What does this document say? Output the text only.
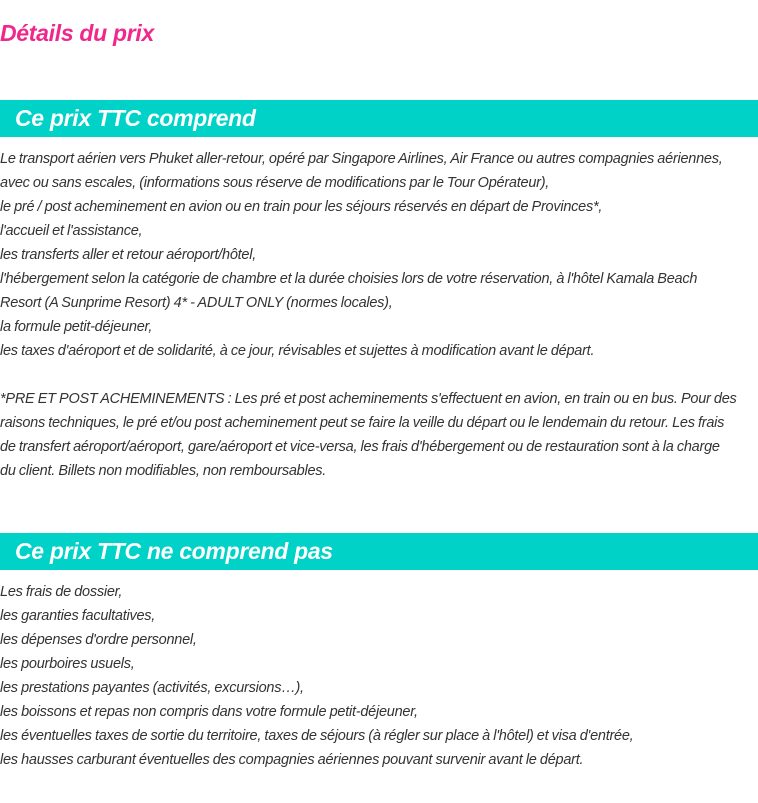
Détails du prix
Ce prix TTC comprend
Le transport aérien vers Phuket aller-retour, opéré par Singapore Airlines, Air France ou autres compagnies aériennes,
avec ou sans escales, (informations sous réserve de modifications par le Tour Opérateur),
le pré / post acheminement en avion ou en train pour les séjours réservés en départ de Provinces*,
l'accueil et l'assistance,
les transferts aller et retour aéroport/hôtel,
l'hébergement selon la catégorie de chambre et la durée choisies lors de votre réservation, à l'hôtel Kamala Beach
Resort (A Sunprime Resort) 4* - ADULT ONLY (normes locales),
la formule petit-déjeuner,
les taxes d'aéroport et de solidarité, à ce jour, révisables et sujettes à modification avant le départ.
*PRE ET POST ACHEMINEMENTS : Les pré et post acheminements s'effectuent en avion, en train ou en bus. Pour des
raisons techniques, le pré et/ou post acheminement peut se faire la veille du départ ou le lendemain du retour. Les frais
de transfert aéroport/aéroport, gare/aéroport et vice-versa, les frais d'hébergement ou de restauration sont à la charge
du client. Billets non modifiables, non remboursables.
Ce prix TTC ne comprend pas
Les frais de dossier,
les garanties facultatives,
les dépenses d'ordre personnel,
les pourboires usuels,
les prestations payantes (activités, excursions…),
les boissons et repas non compris dans votre formule petit-déjeuner,
les éventuelles taxes de sortie du territoire, taxes de séjours (à régler sur place à l'hôtel) et visa d'entrée,
les hausses carburant éventuelles des compagnies aériennes pouvant survenir avant le départ.
